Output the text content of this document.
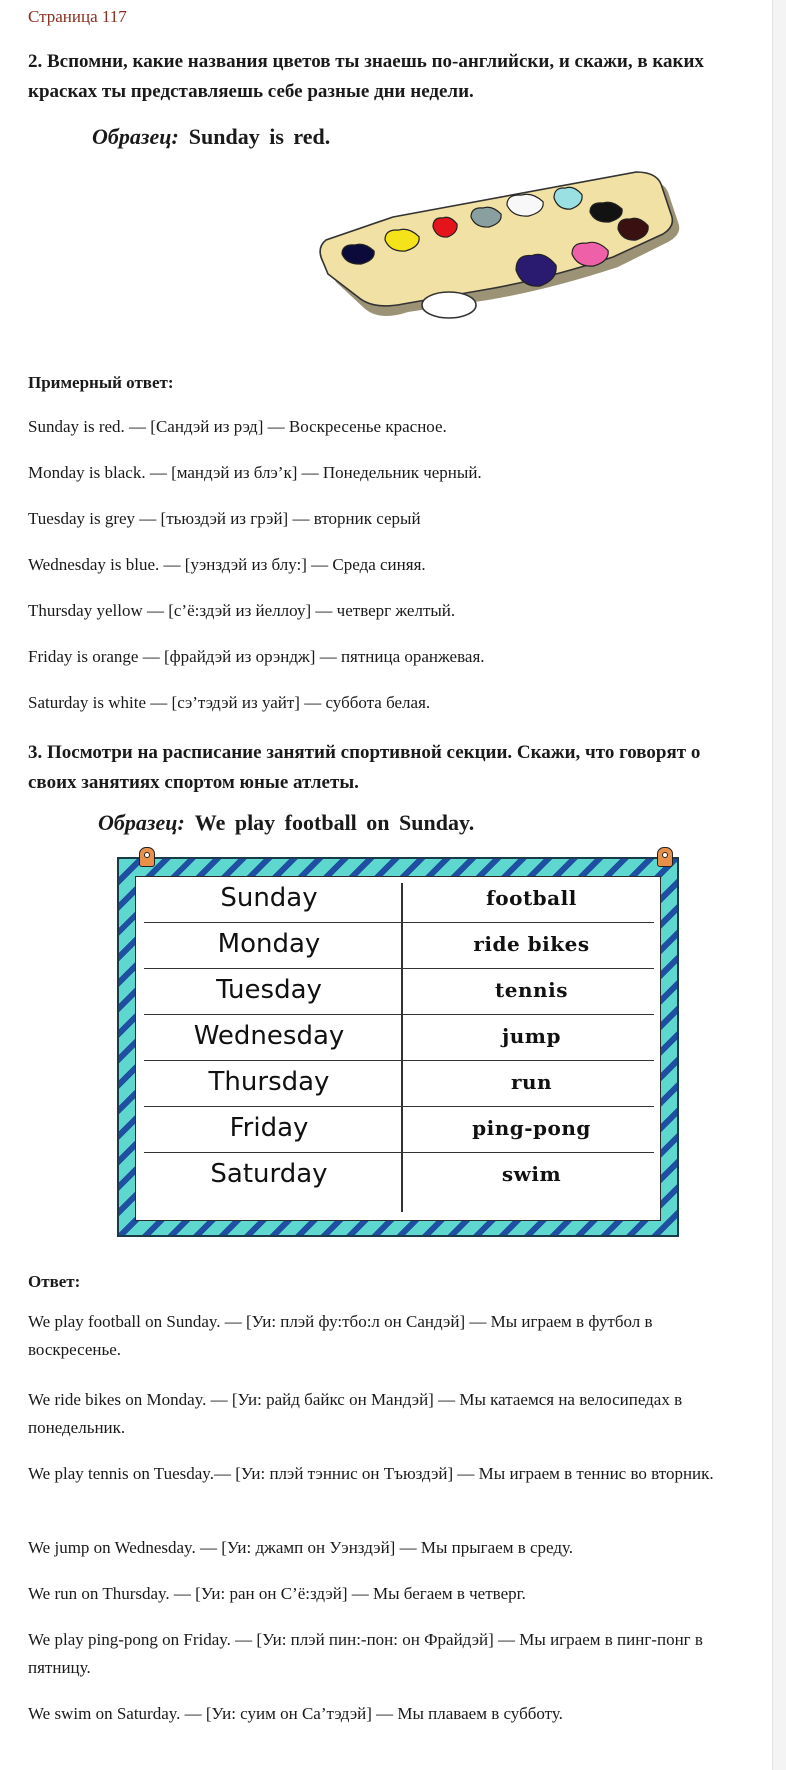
Страница 117
2. Вспомни, какие названия цветов ты знаешь по-английски, и скажи, в каких красках ты представляешь себе разные дни недели.
Образец: Sunday is red.
Примерный ответ:
Sunday is red. — [Сандэй из рэд] — Воскресенье красное.
Monday is black. — [мандэй из блэ’к] — Понедельник черный.
Tuesday is grey — [тьюздэй из грэй] — вторник серый
Wednesday is blue. — [уэнздэй из блу:] — Среда синяя.
Thursday yellow — [с’ё:здэй из йеллоу] — четверг желтый.
Friday is orange — [фрайдэй из орэндж] — пятница оранжевая.
Saturday is white — [сэ’тэдэй из уайт] — суббота белая.
3. Посмотри на расписание занятий спортивной секции. Скажи, что говорят о своих занятиях спортом юные атлеты.
Образец: We play football on Sunday.
Sunday	football
Monday	ride bikes
Tuesday	tennis
Wednesday	jump
Thursday	run
Friday	ping-pong
Saturday	swim
Ответ:
We play football on Sunday. — [Уи: плэй фу:тбо:л он Сандэй] — Мы играем в футбол в воскресенье.
We ride bikes on Monday. — [Уи: райд байкс он Мандэй] — Мы катаемся на велосипедах в понедельник.
We play tennis on Tuesday.— [Уи: плэй тэннис он Тъюздэй] — Мы играем в теннис во вторник.
We jump on Wednesday. — [Уи: джамп он Уэнздэй] — Мы прыгаем в среду.
We run on Thursday. — [Уи: ран он С’ё:здэй] — Мы бегаем в четверг.
We play ping-pong on Friday. — [Уи: плэй пин:-пон: он Фрайдэй] — Мы играем в пинг-понг в пятницу.
We swim on Saturday. — [Уи: суим он Са’тэдэй] — Мы плаваем в субботу.
